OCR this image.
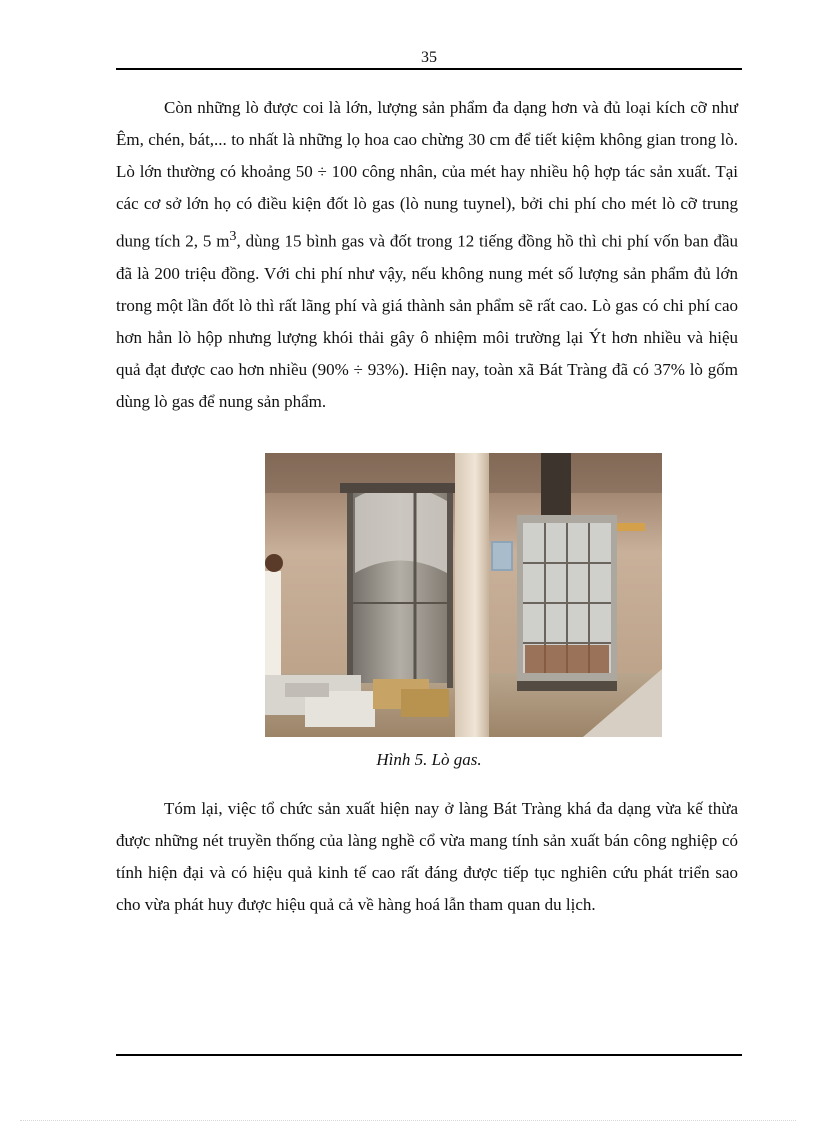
35

Còn những lò được coi là lớn, lượng sản phẩm đa dạng hơn và đủ loại kích cỡ như Êm, chén, bát,... to nhất là những lọ hoa cao chừng 30 cm để tiết kiệm không gian trong lò. Lò lớn thường có khoảng 50 ÷ 100 công nhân, của mét hay nhiều hộ hợp tác sản xuất. Tại các cơ sở lớn họ có điều kiện đốt lò gas (lò nung tuynel), bởi chi phí cho mét lò cỡ trung dung tích 2, 5 $m^3$, dùng 15 bình gas và đốt trong 12 tiếng đồng hồ thì chi phí vốn ban đầu đã là 200 triệu đồng. Với chi phí như vậy, nếu không nung mét số lượng sản phẩm đủ lớn trong một lần đốt lò thì rất lãng phí và giá thành sản phẩm sẽ rất cao. Lò gas có chi phí cao hơn hẳn lò hộp nhưng lượng khói thải gây ô nhiệm môi trường lại Ýt hơn nhiều và hiệu quả đạt được cao hơn nhiều (90% ÷ 93%). Hiện nay, toàn xã Bát Tràng đã có 37% lò gốm dùng lò gas để nung sản phẩm.

Hình 5. Lò gas.

Tóm lại, việc tổ chức sản xuất hiện nay ở làng Bát Tràng khá đa dạng vừa kế thừa được những nét truyền thống của làng nghề cổ vừa mang tính sản xuất bán công nghiệp có tính hiện đại và có hiệu quả kinh tế cao rất đáng được tiếp tục nghiên cứu phát triển sao cho vừa phát huy được hiệu quả cả về hàng hoá lẫn tham quan du lịch.
